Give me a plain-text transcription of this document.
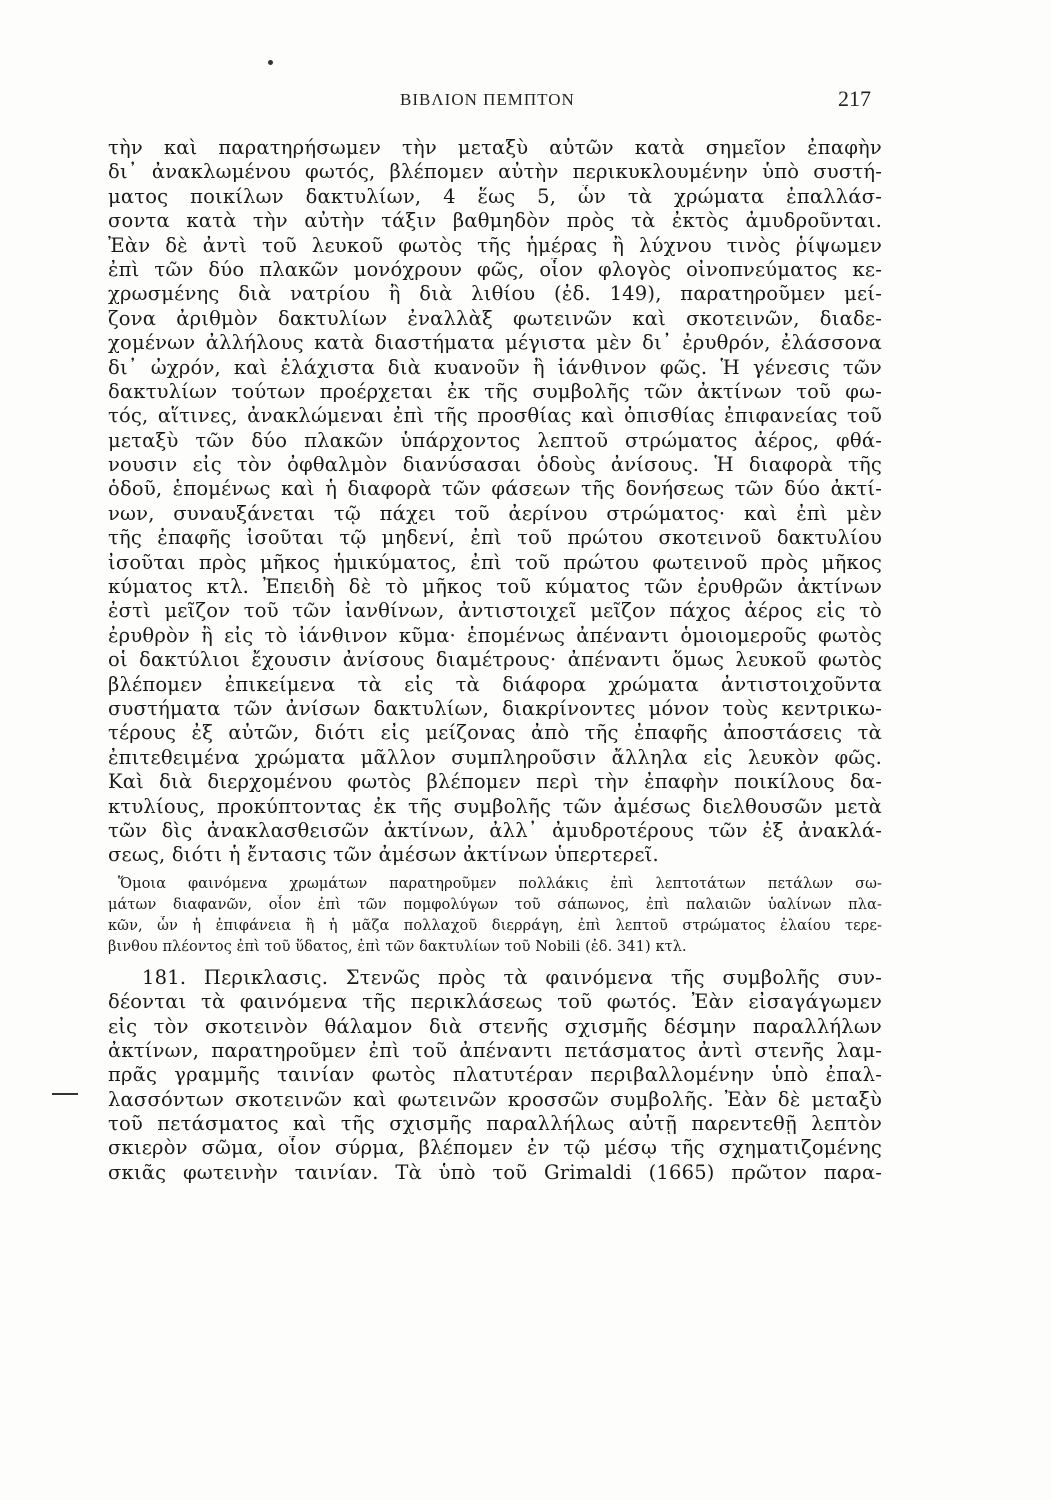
ΒΙΒΛΙΟΝ ΠΕΜΠΤΟΝ	217
τὴν καὶ παρατηρήσωμεν τὴν μεταξὺ αὐτῶν κατὰ σημεῖον ἐπαφὴν
δι᾽ ἀνακλωμένου φωτός, βλέπομεν αὐτὴν περικυκλουμένην ὑπὸ συστή-
ματος ποικίλων δακτυλίων, 4 ἕως 5, ὧν τὰ χρώματα ἐπαλλάσ-
σοντα κατὰ τὴν αὐτὴν τάξιν βαθμηδὸν πρὸς τὰ ἐκτὸς ἀμυδροῦνται.
Ἐὰν δὲ ἀντὶ τοῦ λευκοῦ φωτὸς τῆς ἡμέρας ἢ λύχνου τινὸς ῥίψωμεν
ἐπὶ τῶν δύο πλακῶν μονόχρουν φῶς, οἷον φλογὸς οἰνοπνεύματος κε-
χρωσμένης διὰ νατρίου ἢ διὰ λιθίου (ἐδ. 149), παρατηροῦμεν μεί-
ζονα ἀριθμὸν δακτυλίων ἐναλλὰξ φωτεινῶν καὶ σκοτεινῶν, διαδε-
χομένων ἀλλήλους κατὰ διαστήματα μέγιστα μὲν δι᾽ ἐρυθρόν, ἐλάσσονα
δι᾽ ὠχρόν, καὶ ἐλάχιστα διὰ κυανοῦν ἢ ἰάνθινον φῶς. Ἡ γένεσις τῶν
δακτυλίων τούτων προέρχεται ἐκ τῆς συμβολῆς τῶν ἀκτίνων τοῦ φω-
τός, αἵτινες, ἀνακλώμεναι ἐπὶ τῆς προσθίας καὶ ὀπισθίας ἐπιφανείας τοῦ
μεταξὺ τῶν δύο πλακῶν ὑπάρχοντος λεπτοῦ στρώματος ἀέρος, φθά-
νουσιν εἰς τὸν ὀφθαλμὸν διανύσασαι ὁδοὺς ἀνίσους. Ἡ διαφορὰ τῆς
ὁδοῦ, ἑπομένως καὶ ἡ διαφορὰ τῶν φάσεων τῆς δονήσεως τῶν δύο ἀκτί-
νων, συναυξάνεται τῷ πάχει τοῦ ἀερίνου στρώματος· καὶ ἐπὶ μὲν
τῆς ἐπαφῆς ἰσοῦται τῷ μηδενί, ἐπὶ τοῦ πρώτου σκοτεινοῦ δακτυλίου
ἰσοῦται πρὸς μῆκος ἡμικύματος, ἐπὶ τοῦ πρώτου φωτεινοῦ πρὸς μῆκος
κύματος κτλ. Ἐπειδὴ δὲ τὸ μῆκος τοῦ κύματος τῶν ἐρυθρῶν ἀκτίνων
ἐστὶ μεῖζον τοῦ τῶν ἰανθίνων, ἀντιστοιχεῖ μεῖζον πάχος ἀέρος εἰς τὸ
ἐρυθρὸν ἢ εἰς τὸ ἰάνθινον κῦμα· ἑπομένως ἀπέναντι ὁμοιομεροῦς φωτὸς
οἱ δακτύλιοι ἔχουσιν ἀνίσους διαμέτρους· ἀπέναντι ὅμως λευκοῦ φωτὸς
βλέπομεν ἐπικείμενα τὰ εἰς τὰ διάφορα χρώματα ἀντιστοιχοῦντα
συστήματα τῶν ἀνίσων δακτυλίων, διακρίνοντες μόνον τοὺς κεντρικω-
τέρους ἐξ αὐτῶν, διότι εἰς μείζονας ἀπὸ τῆς ἐπαφῆς ἀποστάσεις τὰ
ἐπιτεθειμένα χρώματα μᾶλλον συμπληροῦσιν ἄλληλα εἰς λευκὸν φῶς.
Καὶ διὰ διερχομένου φωτὸς βλέπομεν περὶ τὴν ἐπαφὴν ποικίλους δα-
κτυλίους, προκύπτοντας ἐκ τῆς συμβολῆς τῶν ἀμέσως διελθουσῶν μετὰ
τῶν δὶς ἀνακλασθεισῶν ἀκτίνων, ἀλλ᾽ ἀμυδροτέρους τῶν ἐξ ἀνακλά-
σεως, διότι ἡ ἔντασις τῶν ἀμέσων ἀκτίνων ὑπερτερεῖ.
Ὅμοια φαινόμενα χρωμάτων παρατηροῦμεν πολλάκις ἐπὶ λεπτοτάτων πετάλων σω-
μάτων διαφανῶν, οἷον ἐπὶ τῶν πομφολύγων τοῦ σάπωνος, ἐπὶ παλαιῶν ὑαλίνων πλα-
κῶν, ὧν ἡ ἐπιφάνεια ἢ ἡ μᾶζα πολλαχοῦ διερράγη, ἐπὶ λεπτοῦ στρώματος ἐλαίου τερε-
βινθου πλέοντος ἐπὶ τοῦ ὕδατος, ἐπὶ τῶν δακτυλίων τοῦ Nobili (ἐδ. 341) κτλ.
181. Περικλασις. Στενῶς πρὸς τὰ φαινόμενα τῆς συμβολῆς συν-
δέονται τὰ φαινόμενα τῆς περικλάσεως τοῦ φωτός. Ἐὰν εἰσαγάγωμεν
εἰς τὸν σκοτεινὸν θάλαμον διὰ στενῆς σχισμῆς δέσμην παραλλήλων
ἀκτίνων, παρατηροῦμεν ἐπὶ τοῦ ἀπέναντι πετάσματος ἀντὶ στενῆς λαμ-
πρᾶς γραμμῆς ταινίαν φωτὸς πλατυτέραν περιβαλλομένην ὑπὸ ἐπαλ-
λασσόντων σκοτεινῶν καὶ φωτεινῶν κροσσῶν συμβολῆς. Ἐὰν δὲ μεταξὺ
τοῦ πετάσματος καὶ τῆς σχισμῆς παραλλήλως αὐτῇ παρεντεθῇ λεπτὸν
σκιερὸν σῶμα, οἷον σύρμα, βλέπομεν ἐν τῷ μέσῳ τῆς σχηματιζομένης
σκιᾶς φωτεινὴν ταινίαν. Τὰ ὑπὸ τοῦ Grimaldi (1665) πρῶτον παρα-
